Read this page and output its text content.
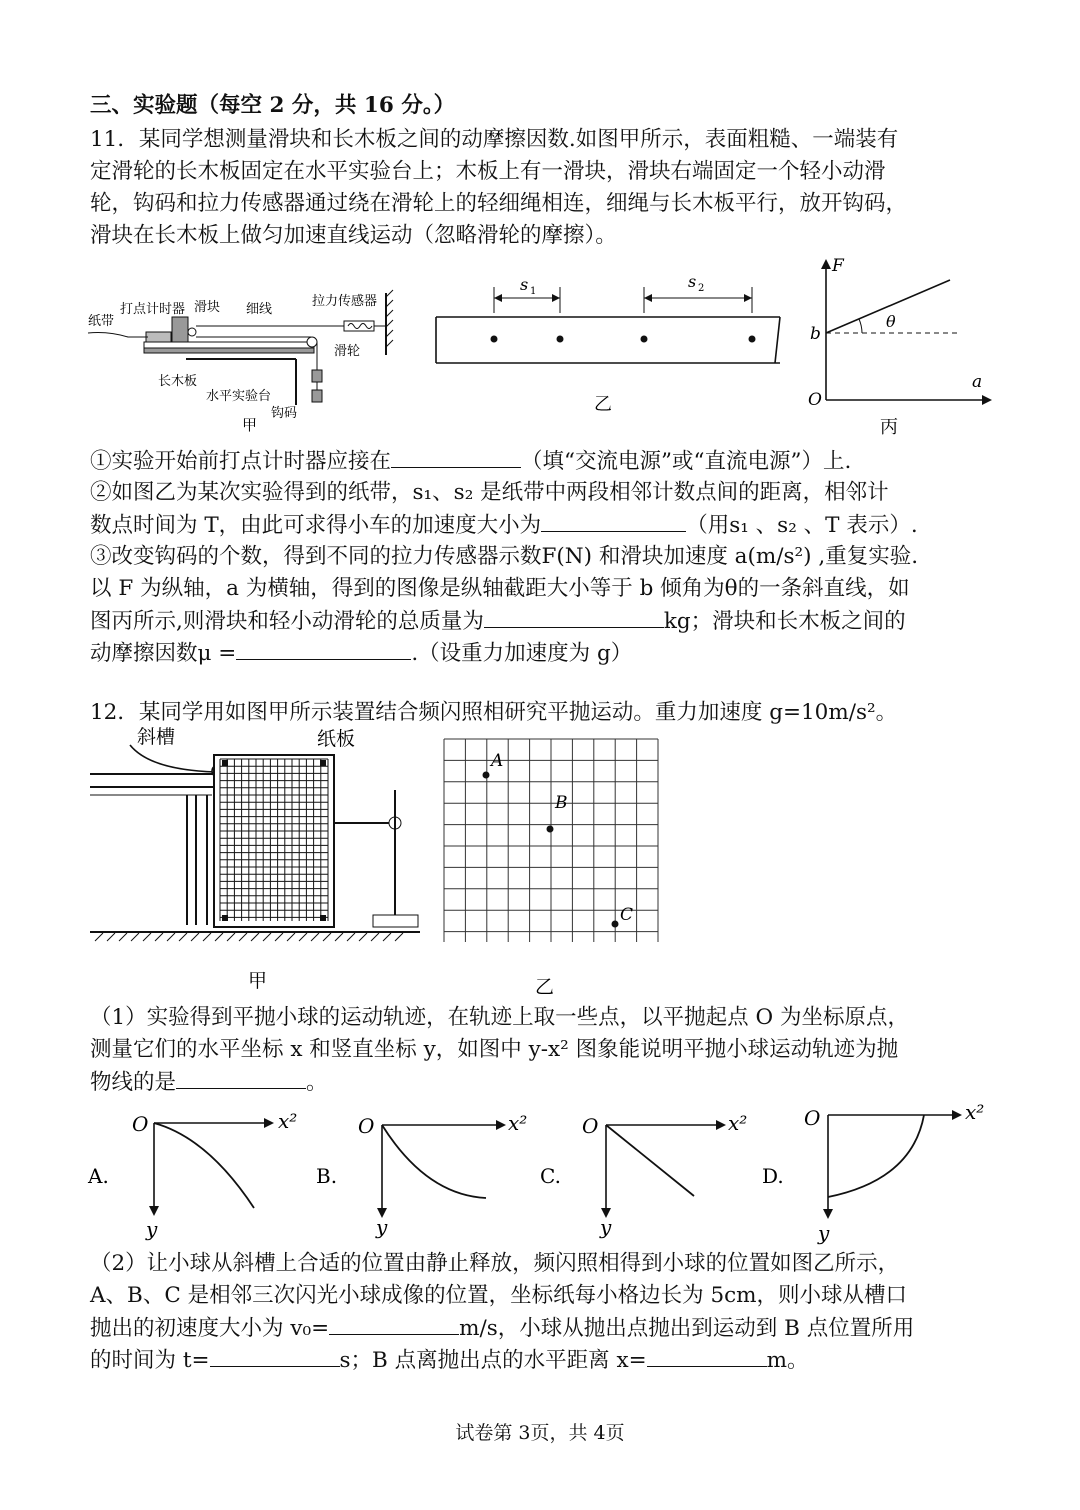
三、实验题（每空 2 分，共 16 分。）
11．某同学想测量滑块和长木板之间的动摩擦因数.如图甲所示，表面粗糙、一端装有
定滑轮的长木板固定在水平实验台上；木板上有一滑块，滑块右端固定一个轻小动滑
轮，钩码和拉力传感器通过绕在滑轮上的轻细绳相连，细绳与长木板平行，放开钩码，
滑块在长木板上做匀加速直线运动（忽略滑轮的摩擦）。
纸带
打点计时器 滑块 细线
拉力传感器
滑轮
长木板
水平实验台
钩码
甲
s 1
s 2
乙
F
a
O
b
θ
丙
①实验开始前打点计时器应接在	（填“交流电源”或“直流电源”）上.
②如图乙为某次实验得到的纸带，s₁、s₂ 是纸带中两段相邻计数点间的距离，相邻计
数点时间为 T，由此可求得小车的加速度大小为	（用s₁ 、s₂ 、T 表示）.
③改变钩码的个数，得到不同的拉力传感器示数F(N) 和滑块加速度 a(m/s²) ,重复实验.
以 F 为纵轴，a 为横轴，得到的图像是纵轴截距大小等于 b 倾角为θ的一条斜直线，如
图丙所示,则滑块和轻小动滑轮的总质量为	kg；滑块和长木板之间的
动摩擦因数μ =	.（设重力加速度为 g）
12．某同学用如图甲所示装置结合频闪照相研究平抛运动。重力加速度 g=10m/s²。
斜槽	纸板
甲
A
B
C
乙
（1）实验得到平抛小球的运动轨迹，在轨迹上取一些点，以平抛起点 O 为坐标原点，
测量它们的水平坐标 x 和竖直坐标 y，如图中 y-x² 图象能说明平抛小球运动轨迹为抛
物线的是	。
A.
O	x²
y
B.
O	x²
y
C.
O	x²
y
D.
O	x²
y
（2）让小球从斜槽上合适的位置由静止释放，频闪照相得到小球的位置如图乙所示，
A、B、C 是相邻三次闪光小球成像的位置，坐标纸每小格边长为 5cm，则小球从槽口
抛出的初速度大小为 v₀=	m/s，小球从抛出点抛出到运动到 B 点位置所用
的时间为 t=	s；B 点离抛出点的水平距离 x=	m。
试卷第 3页，共 4页
